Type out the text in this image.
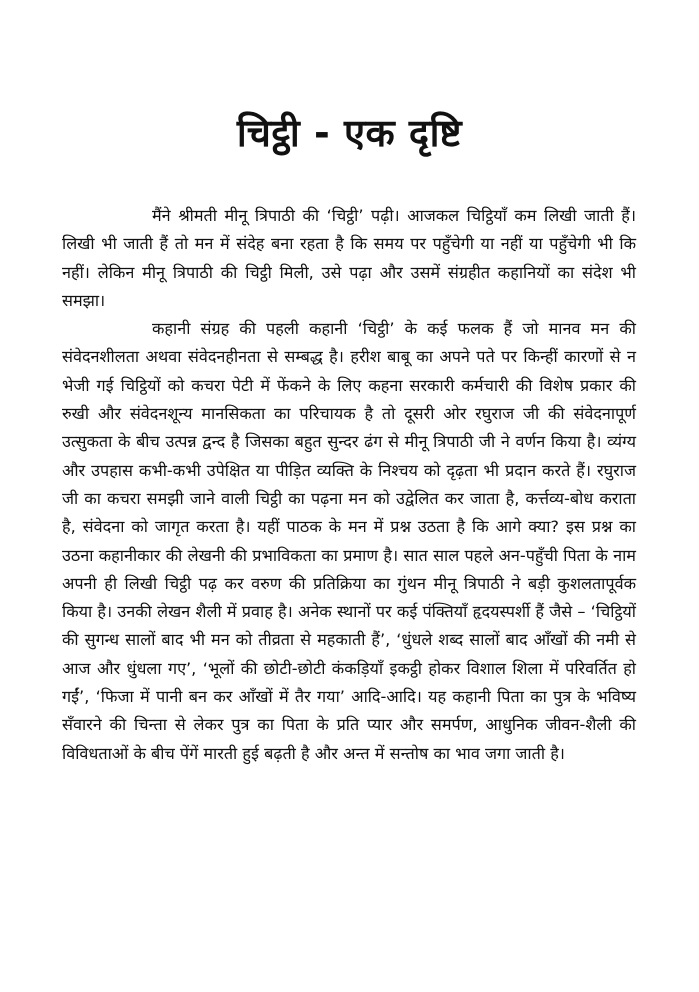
चिट्ठी - एक दृष्टि

मैंने श्रीमती मीनू त्रिपाठी की ‘चिट्ठी’ पढ़ी। आजकल चिट्ठियाँ कम लिखी जाती हैं। लिखी भी जाती हैं तो मन में संदेह बना रहता है कि समय पर पहुँचेगी या नहीं या पहुँचेगी भी कि नहीं। लेकिन मीनू त्रिपाठी की चिट्ठी मिली, उसे पढ़ा और उसमें संग्रहीत कहानियों का संदेश भी समझा।

कहानी संग्रह की पहली कहानी ‘चिट्ठी’ के कई फलक हैं जो मानव मन की संवेदनशीलता अथवा संवेदनहीनता से सम्बद्ध है। हरीश बाबू का अपने पते पर किन्हीं कारणों से न भेजी गई चिट्ठियों को कचरा पेटी में फेंकने के लिए कहना सरकारी कर्मचारी की विशेष प्रकार की रुखी और संवेदनशून्य मानसिकता का परिचायक है तो दूसरी ओर रघुराज जी की संवेदनापूर्ण उत्सुकता के बीच उत्पन्न द्वन्द है जिसका बहुत सुन्दर ढंग से मीनू त्रिपाठी जी ने वर्णन किया है। व्यंग्य और उपहास कभी-कभी उपेक्षित या पीड़ित व्यक्ति के निश्चय को दृढ़ता भी प्रदान करते हैं। रघुराज जी का कचरा समझी जाने वाली चिट्ठी का पढ़ना मन को उद्वेलित कर जाता है, कर्त्तव्य-बोध कराता है, संवेदना को जागृत करता है। यहीं पाठक के मन में प्रश्न उठता है कि आगे क्या? इस प्रश्न का उठना कहानीकार की लेखनी की प्रभाविकता का प्रमाण है। सात साल पहले अन-पहुँची पिता के नाम अपनी ही लिखी चिट्ठी पढ़ कर वरुण की प्रतिक्रिया का गुंथन मीनू त्रिपाठी ने बड़ी कुशलतापूर्वक किया है। उनकी लेखन शैली में प्रवाह है। अनेक स्थानों पर कई पंक्तियाँ हृदयस्पर्शी हैं जैसे – ‘चिट्ठियों की सुगन्ध सालों बाद भी मन को तीव्रता से महकाती हैं’, ‘धुंधले शब्द सालों बाद आँखों की नमी से आज और धुंधला गए’, ‘भूलों की छोटी-छोटी कंकड़ियाँ इकट्ठी होकर विशाल शिला में परिवर्तित हो गईं’, ‘फिजा में पानी बन कर आँखों में तैर गया’ आदि-आदि। यह कहानी पिता का पुत्र के भविष्य सँवारने की चिन्ता से लेकर पुत्र का पिता के प्रति प्यार और समर्पण, आधुनिक जीवन-शैली की विविधताओं के बीच पेंगें मारती हुई बढ़ती है और अन्त में सन्तोष का भाव जगा जाती है।
